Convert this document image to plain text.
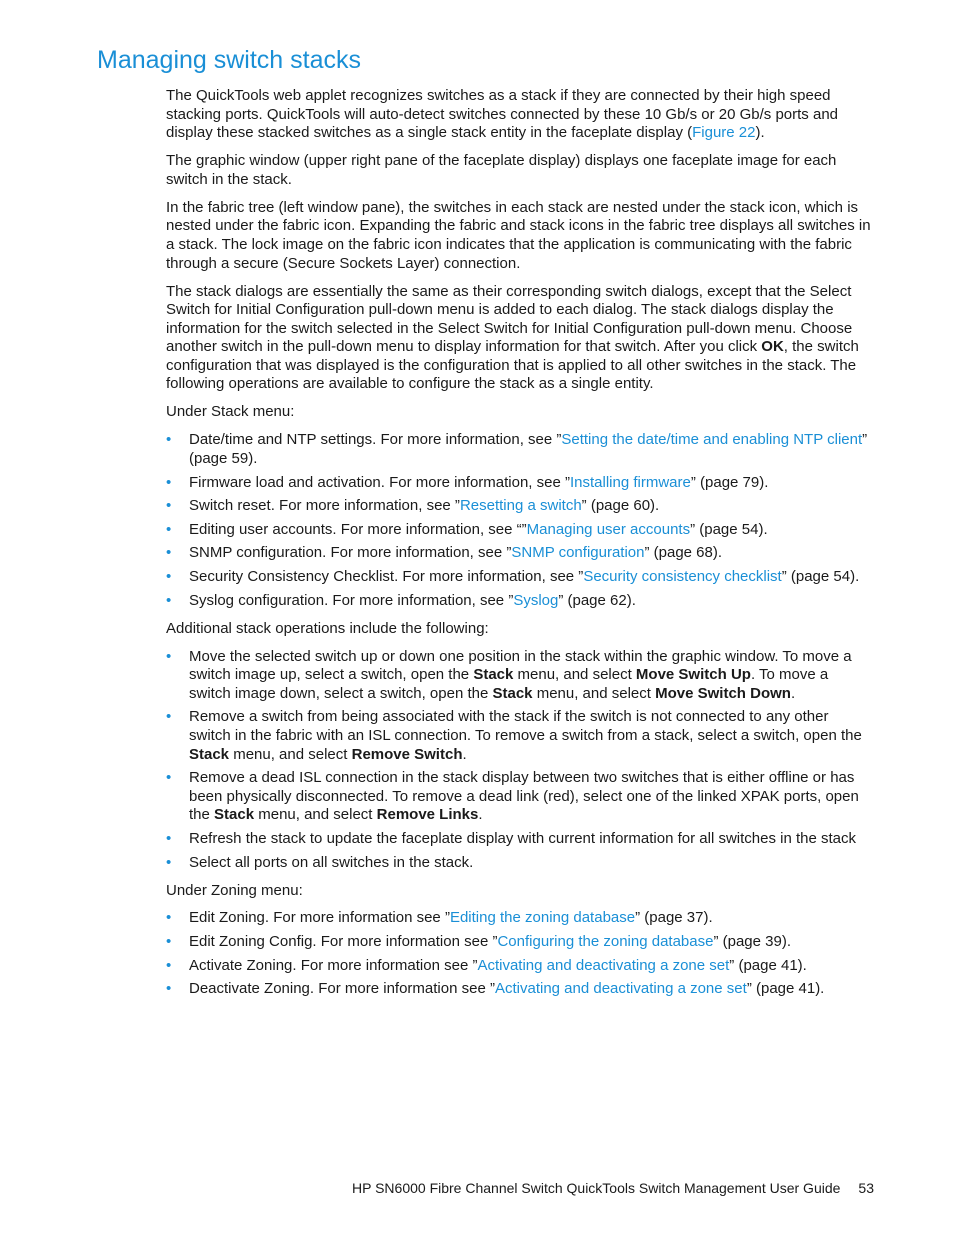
Managing switch stacks

The QuickTools web applet recognizes switches as a stack if they are connected by their high speed stacking ports. QuickTools will auto-detect switches connected by these 10 Gb/s or 20 Gb/s ports and display these stacked switches as a single stack entity in the faceplate display (Figure 22).

The graphic window (upper right pane of the faceplate display) displays one faceplate image for each switch in the stack.

In the fabric tree (left window pane), the switches in each stack are nested under the stack icon, which is nested under the fabric icon. Expanding the fabric and stack icons in the fabric tree displays all switches in a stack. The lock image on the fabric icon indicates that the application is communicating with the fabric through a secure (Secure Sockets Layer) connection.

The stack dialogs are essentially the same as their corresponding switch dialogs, except that the Select Switch for Initial Configuration pull-down menu is added to each dialog. The stack dialogs display the information for the switch selected in the Select Switch for Initial Configuration pull-down menu. Choose another switch in the pull-down menu to display information for that switch. After you click OK, the switch configuration that was displayed is the configuration that is applied to all other switches in the stack. The following operations are available to configure the stack as a single entity.

Under Stack menu:

• Date/time and NTP settings. For more information, see ”Setting the date/time and enabling NTP client” (page 59).
• Firmware load and activation. For more information, see ”Installing firmware” (page 79).
• Switch reset. For more information, see ”Resetting a switch” (page 60).
• Editing user accounts. For more information, see “”Managing user accounts” (page 54).
• SNMP configuration. For more information, see ”SNMP configuration” (page 68).
• Security Consistency Checklist. For more information, see ”Security consistency checklist” (page 54).
• Syslog configuration. For more information, see ”Syslog” (page 62).

Additional stack operations include the following:

• Move the selected switch up or down one position in the stack within the graphic window. To move a switch image up, select a switch, open the Stack menu, and select Move Switch Up. To move a switch image down, select a switch, open the Stack menu, and select Move Switch Down.
• Remove a switch from being associated with the stack if the switch is not connected to any other switch in the fabric with an ISL connection. To remove a switch from a stack, select a switch, open the Stack menu, and select Remove Switch.
• Remove a dead ISL connection in the stack display between two switches that is either offline or has been physically disconnected. To remove a dead link (red), select one of the linked XPAK ports, open the Stack menu, and select Remove Links.
• Refresh the stack to update the faceplate display with current information for all switches in the stack
• Select all ports on all switches in the stack.

Under Zoning menu:

• Edit Zoning. For more information see ”Editing the zoning database” (page 37).
• Edit Zoning Config. For more information see ”Configuring the zoning database” (page 39).
• Activate Zoning. For more information see ”Activating and deactivating a zone set” (page 41).
• Deactivate Zoning. For more information see ”Activating and deactivating a zone set” (page 41).
HP SN6000 Fibre Channel Switch QuickTools Switch Management User Guide 53
